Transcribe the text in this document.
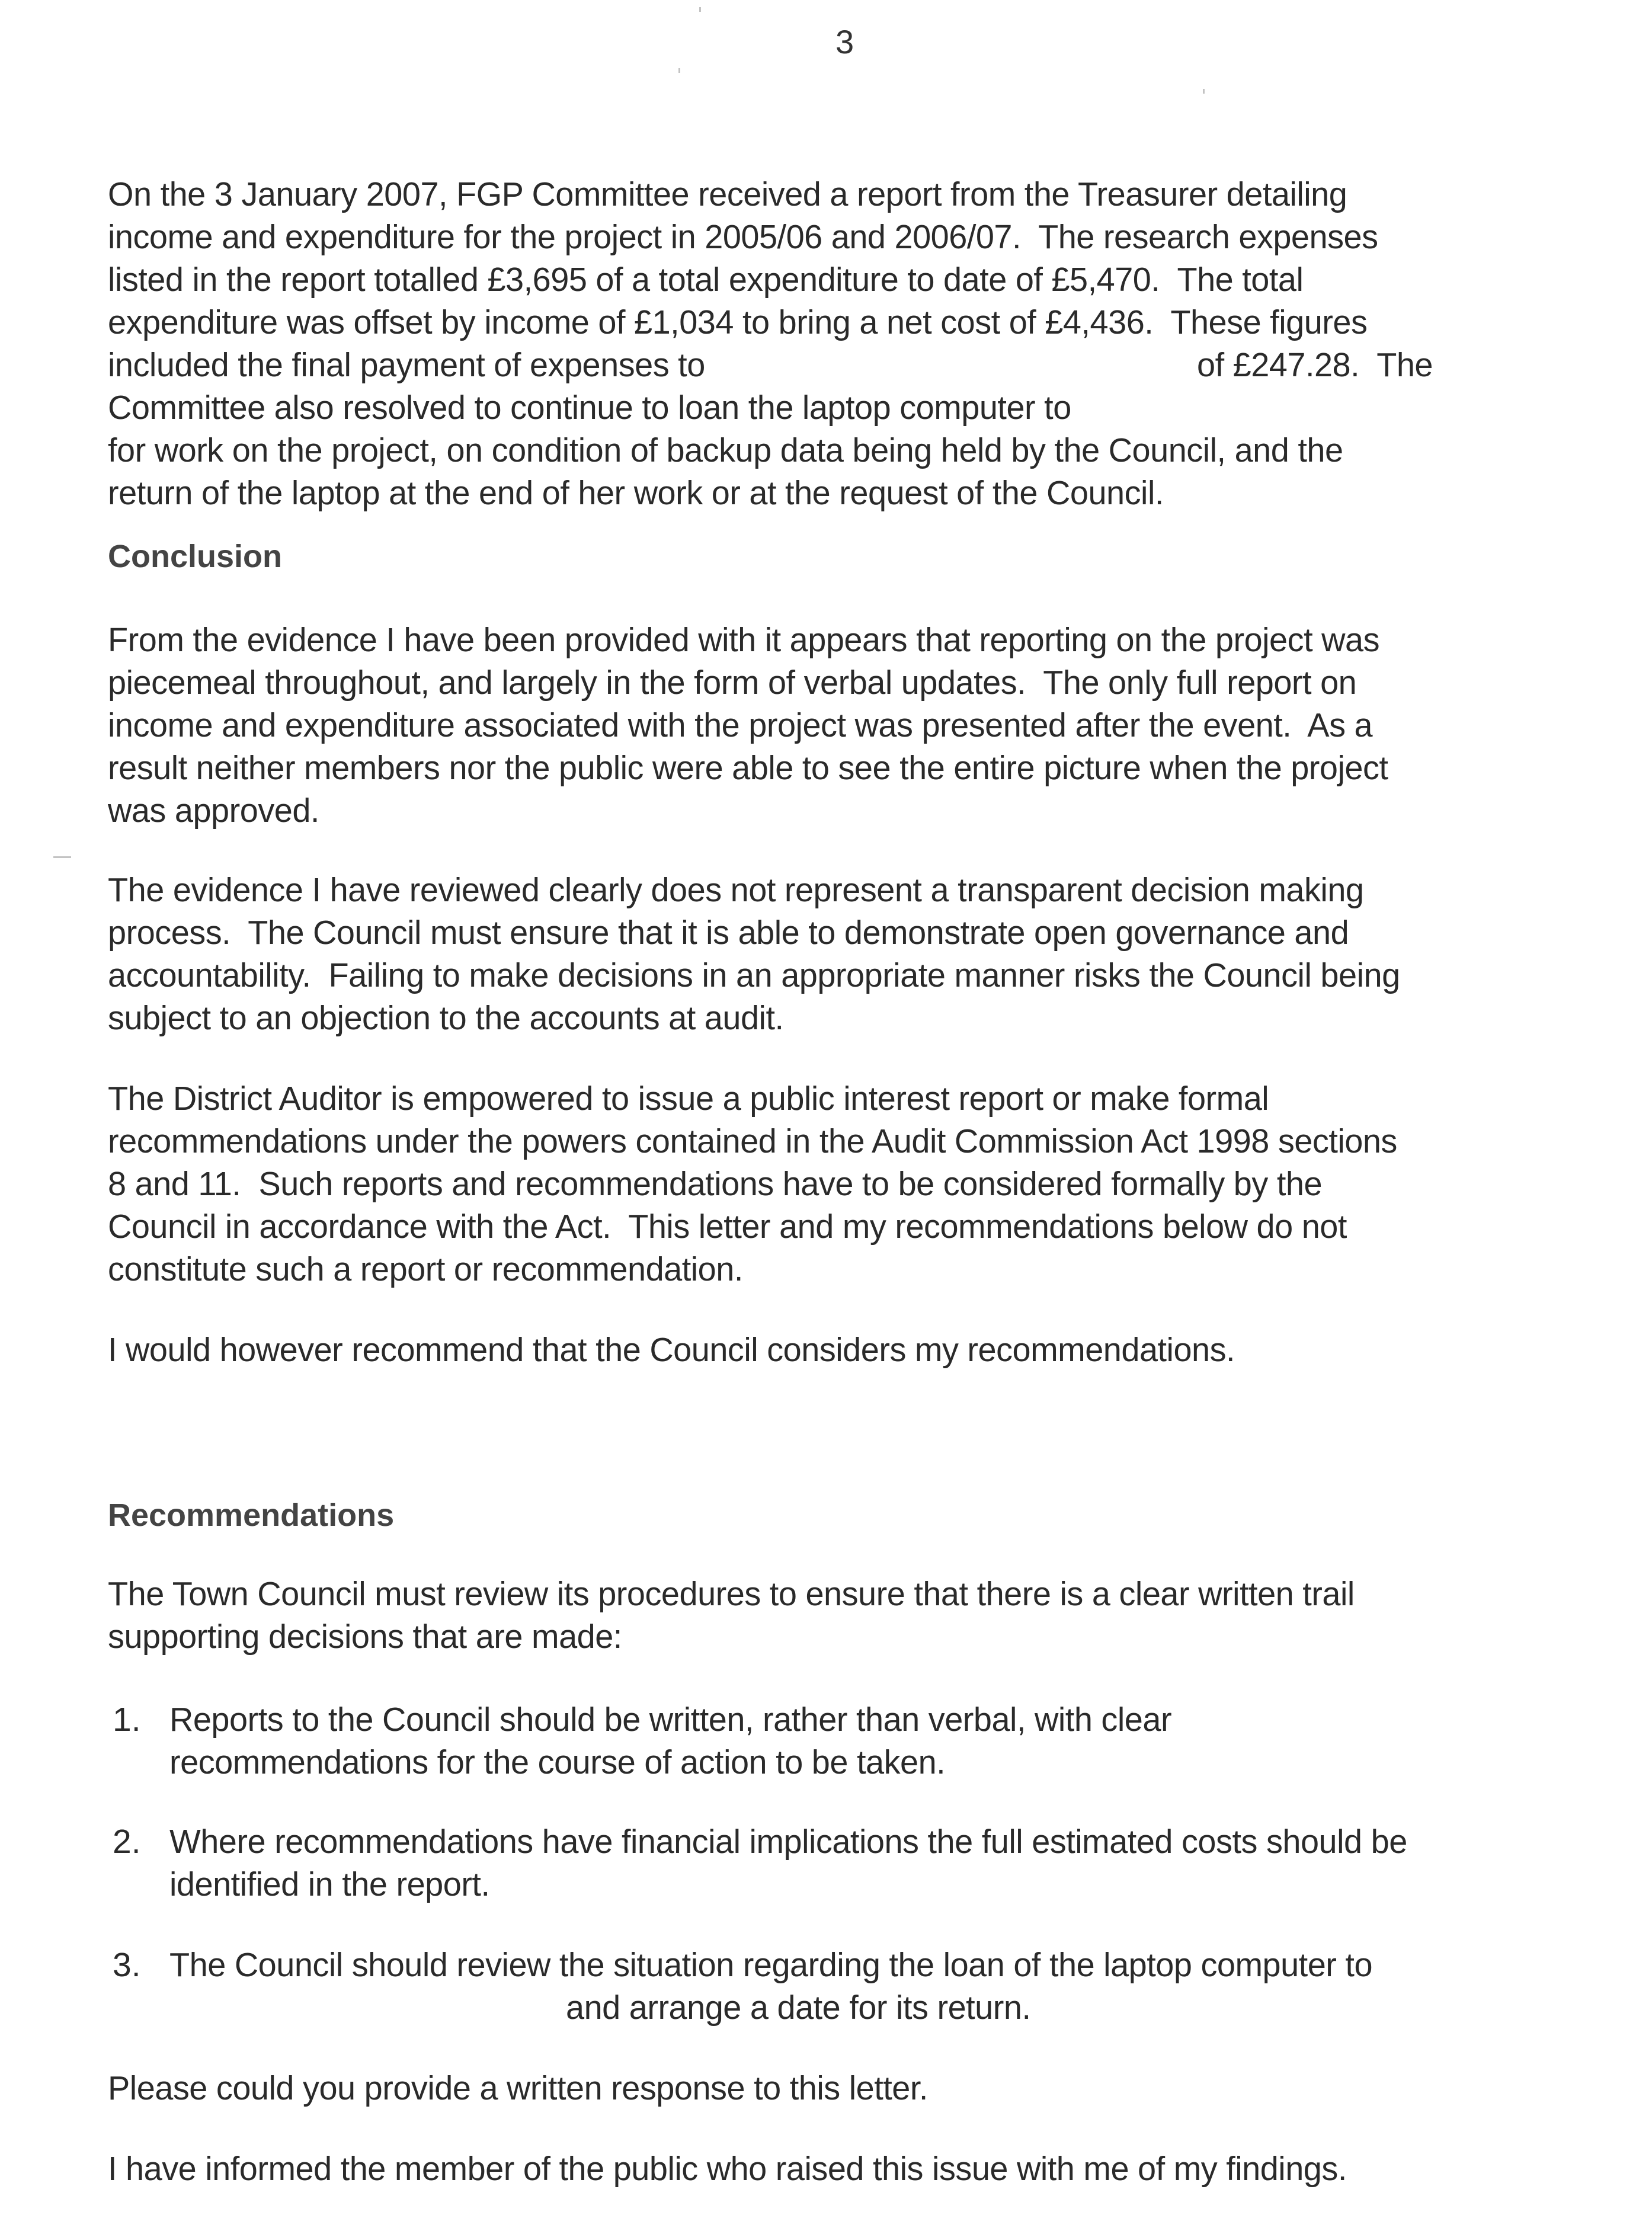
3
On the 3 January 2007, FGP Committee received a report from the Treasurer detailing
income and expenditure for the project in 2005/06 and 2006/07.  The research expenses
listed in the report totalled £3,695 of a total expenditure to date of £5,470.  The total
expenditure was offset by income of £1,034 to bring a net cost of £4,436.  These figures
included the final payment of expenses to	of £247.28.  The
Committee also resolved to continue to loan the laptop computer to
for work on the project, on condition of backup data being held by the Council, and the
return of the laptop at the end of her work or at the request of the Council.
Conclusion
From the evidence I have been provided with it appears that reporting on the project was
piecemeal throughout, and largely in the form of verbal updates.  The only full report on
income and expenditure associated with the project was presented after the event.  As a
result neither members nor the public were able to see the entire picture when the project
was approved.
The evidence I have reviewed clearly does not represent a transparent decision making
process.  The Council must ensure that it is able to demonstrate open governance and
accountability.  Failing to make decisions in an appropriate manner risks the Council being
subject to an objection to the accounts at audit.
The District Auditor is empowered to issue a public interest report or make formal
recommendations under the powers contained in the Audit Commission Act 1998 sections
8 and 11.  Such reports and recommendations have to be considered formally by the
Council in accordance with the Act.  This letter and my recommendations below do not
constitute such a report or recommendation.
I would however recommend that the Council considers my recommendations.
Recommendations
The Town Council must review its procedures to ensure that there is a clear written trail
supporting decisions that are made:
1. Reports to the Council should be written, rather than verbal, with clear
recommendations for the course of action to be taken.
2. Where recommendations have financial implications the full estimated costs should be
identified in the report.
3. The Council should review the situation regarding the loan of the laptop computer to
and arrange a date for its return.
Please could you provide a written response to this letter.
I have informed the member of the public who raised this issue with me of my findings.
